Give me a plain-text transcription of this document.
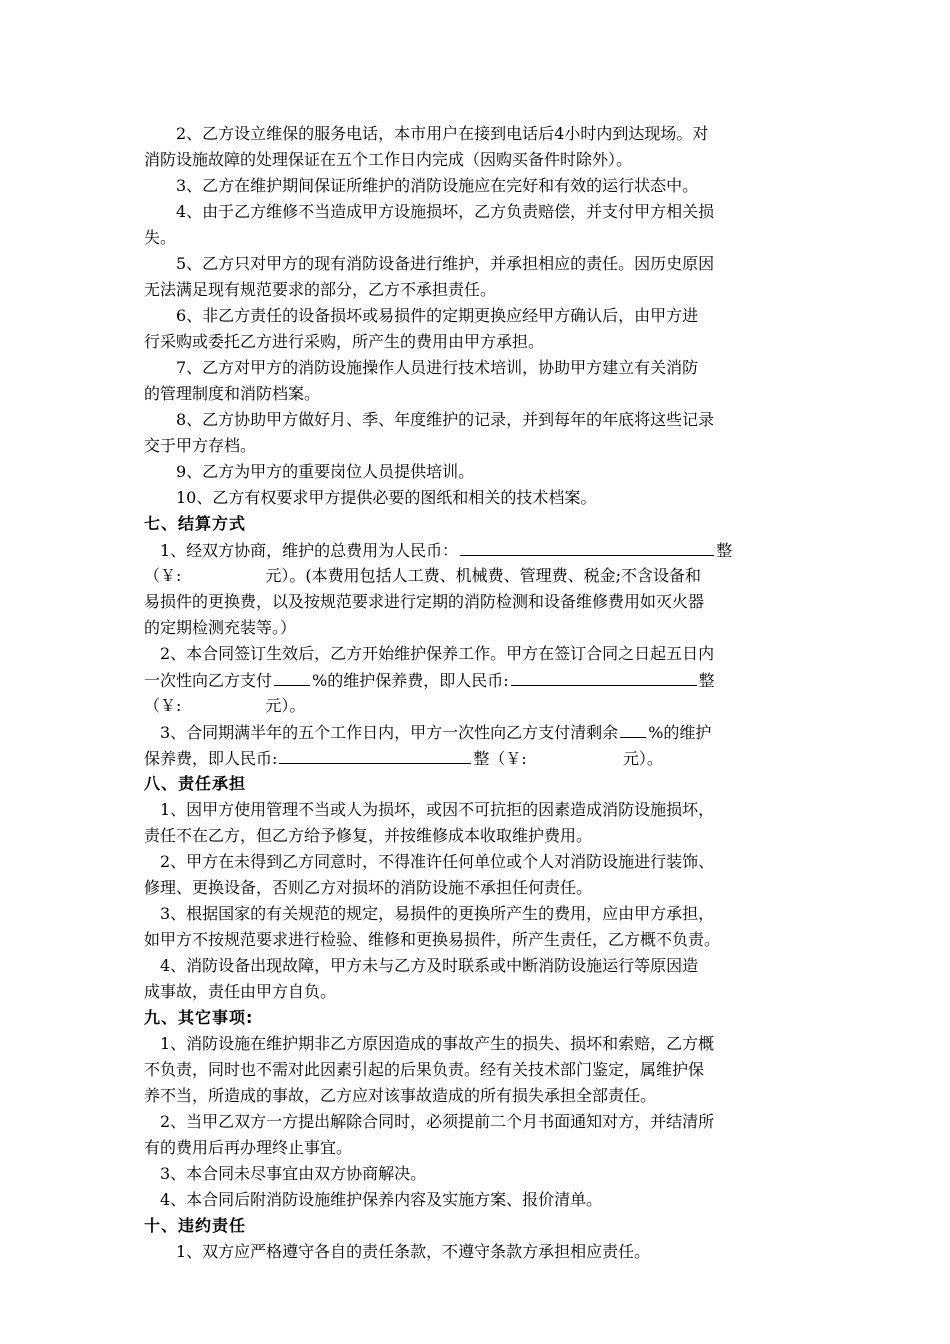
2、乙方设立维保的服务电话，本市用户在接到电话后4小时内到达现场。对
消防设施故障的处理保证在五个工作日内完成（因购买备件时除外）。
3、乙方在维护期间保证所维护的消防设施应在完好和有效的运行状态中。
4、由于乙方维修不当造成甲方设施损坏，乙方负责赔偿，并支付甲方相关损
失。
5、乙方只对甲方的现有消防设备进行维护，并承担相应的责任。因历史原因
无法满足现有规范要求的部分，乙方不承担责任。
6、非乙方责任的设备损坏或易损件的定期更换应经甲方确认后，由甲方进
行采购或委托乙方进行采购，所产生的费用由甲方承担。
7、乙方对甲方的消防设施操作人员进行技术培训，协助甲方建立有关消防
的管理制度和消防档案。
8、乙方协助甲方做好月、季、年度维护的记录，并到每年的年底将这些记录
交于甲方存档。
9、乙方为甲方的重要岗位人员提供培训。
10、乙方有权要求甲方提供必要的图纸和相关的技术档案。
七、结算方式
1、经双方协商，维护的总费用为人民币：	整
（￥:	元）。(本费用包括人工费、机械费、管理费、税金;不含设备和
易损件的更换费，以及按规范要求进行定期的消防检测和设备维修费用如灭火器
的定期检测充装等。）
2、本合同签订生效后，乙方开始维护保养工作。甲方在签订合同之日起五日内
一次性向乙方支付	%的维护保养费，即人民币:	整
（￥:	元）。
3、合同期满半年的五个工作日内，甲方一次性向乙方支付清剩余 %的维护
保养费，即人民币:	整（￥:	元）。
八、责任承担
1、因甲方使用管理不当或人为损坏，或因不可抗拒的因素造成消防设施损坏，
责任不在乙方，但乙方给予修复，并按维修成本收取维护费用。
2、甲方在未得到乙方同意时，不得准许任何单位或个人对消防设施进行装饰、
修理、更换设备，否则乙方对损坏的消防设施不承担任何责任。
3、根据国家的有关规范的规定，易损件的更换所产生的费用，应由甲方承担，
如甲方不按规范要求进行检验、维修和更换易损件，所产生责任，乙方概不负责。
4、消防设备出现故障，甲方未与乙方及时联系或中断消防设施运行等原因造
成事故，责任由甲方自负。
九、其它事项:
1、消防设施在维护期非乙方原因造成的事故产生的损失、损坏和索赔，乙方概
不负责，同时也不需对此因素引起的后果负责。经有关技术部门鉴定，属维护保
养不当，所造成的事故，乙方应对该事故造成的所有损失承担全部责任。
2、当甲乙双方一方提出解除合同时，必须提前二个月书面通知对方，并结清所
有的费用后再办理终止事宜。
3、本合同未尽事宜由双方协商解决。
4、本合同后附消防设施维护保养内容及实施方案、报价清单。
十、违约责任
1、双方应严格遵守各自的责任条款，不遵守条款方承担相应责任。
